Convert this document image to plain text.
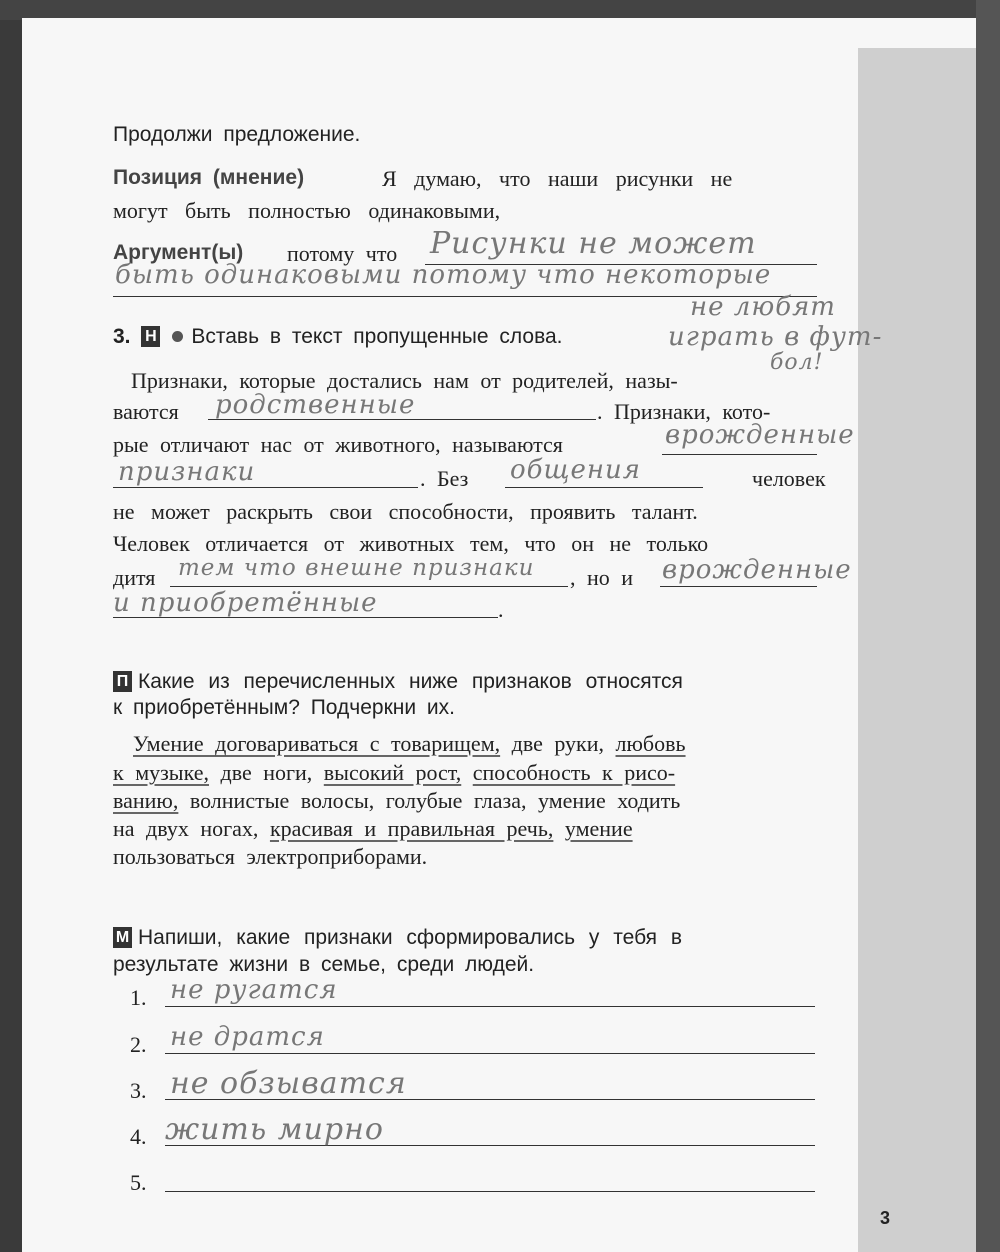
Продолжи предложение.
Позиция (мнение)	Я думаю, что наши рисунки не
могут быть полностью одинаковыми,
Аргумент(ы) потому что Рисунки не может
быть одинаковыми потому что некоторые
не любят
играть в фут-
бол!
3. Н Вставь в текст пропущенные слова.
Признаки, которые достались нам от родителей, назы-
ваются	. Признаки, кото-
рые отличают нас от животного, называются
. Без	человек
не может раскрыть свои способности, проявить талант.
Человек отличается от животных тем, что он не только
дитя	, но и
.
родственные
врожденные
признаки	общения
тем что внешне признаки	врожденные
и приобретённые
П Какие из перечисленных ниже признаков относятся
к приобретённым? Подчеркни их.
Умение договариваться с товарищем, две руки, любовь
к музыке, две ноги, высокий рост, способность к рисо-
ванию, волнистые волосы, голубые глаза, умение ходить
на двух ногах, красивая и правильная речь, умение
пользоваться электроприборами.
М Напиши, какие признаки сформировались у тебя в
результате жизни в семье, среди людей.
1. не ругатся
2. не дратся
3. не обзыватся
4. жить мирно
5.
3
